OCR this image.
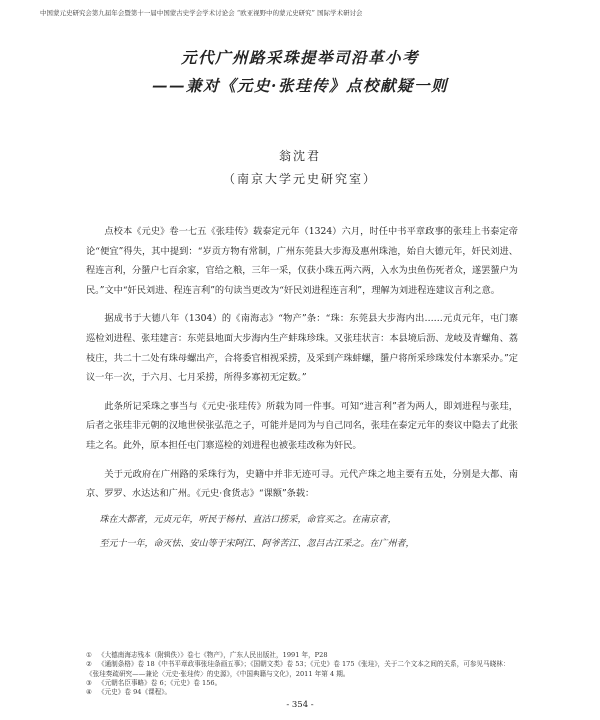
中国蒙元史研究会第九届年会暨第十一届中国蒙古史学会学术讨论会 “欧亚视野中的蒙元史研究” 国际学术研讨会
元代广州路采珠提举司沿革小考
——兼对《元史·张珪传》点校献疑一则
翁沈君
（南京大学元史研究室）

点校本《元史》卷一七五《张珪传》载泰定元年（1324）六月，时任中书平章政事的张珪上书泰定帝论“便宜”得失，其中提到：“岁贡方物有常制，广州东莞县大步海及惠州珠池，始自大德元年，奸民刘进、程连言利，分蜑户七百余家，官给之粮，三年一采，仅获小珠五两六两，入水为虫鱼伤死者众，遂罢蜑户为民。”文中“奸民刘进、程连言利”的句读当更改为“奸民刘进程连言利”，理解为刘进程连建议言利之意。

据成书于大德八年（1304）的《南海志》“物产”条：“珠：东莞县大步海内出……元贞元年，屯门寨巡检刘进程、张珪建言：东莞县地面大步海内生产蚌珠珍珠。又张珪状言：本县境后沥、龙岐及青螺角、荔枝庄，共二十二处有珠母螺出产，合将委官相视采捞，及采到产珠蚌螺，蜑户将所采珍珠发付本寨采办。”定议一年一次，于六月、七月采捞，所得多寡初无定数。”

此条所记采珠之事当与《元史·张珪传》所载为同一件事。可知“进言利”者为两人，即刘进程与张珪，后者之张珪非元朝的汉地世侯张弘范之子，可能并是同为与自己同名，张珪在泰定元年的奏议中隐去了此张珪之名。此外，原本担任屯门寨巡检的刘进程也被张珪改称为奸民。

关于元政府在广州路的采珠行为，史籍中并非无迹可寻。元代产珠之地主要有五处，分别是大都、南京、罗罗、水达达和广州。《元史·食货志》“课额”条载：

珠在大都者，元贞元年，听民于杨村、直沽口捞采，命官买之。在南京者，
至元十一年，命灭怯、安山等于宋阿江、阿爷苦江、忽吕古江采之。在广州者，
① 《大德南海志残本（附辑佚）》卷七《物产》，广东人民出版社，1991 年，P28
② 《通制条格》卷 18《中书平章政事张珪条画五事》；《国朝文类》卷 53；《元史》卷 175《张珪》，关于二个文本之间的关系，可参见马晓林：《张珪奏疏研究——兼论〈元史·张珪传〉的史源》，《中国典籍与文化》，2011 年第 4 期。
③ 《元朝名臣事略》卷 6；《元史》卷 156。
④ 《元史》卷 94《课程》。
- 354 -
